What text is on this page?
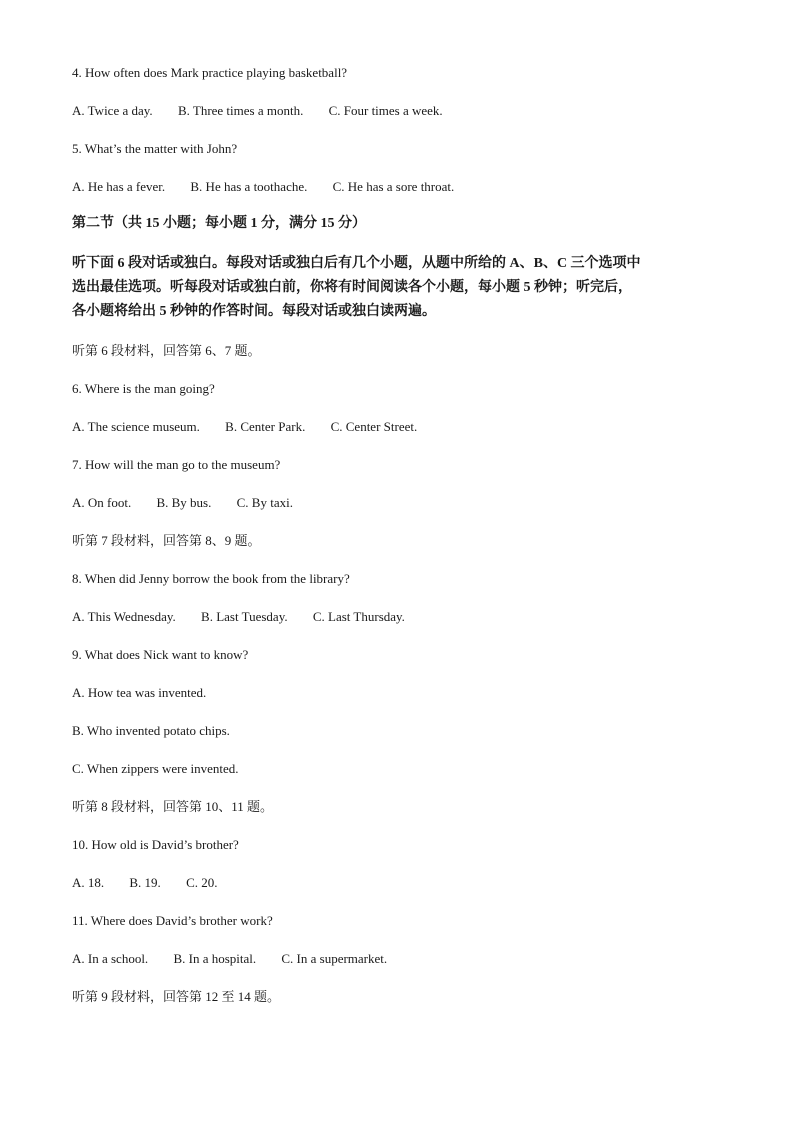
4. How often does Mark practice playing basketball?
A. Twice a day. B. Three times a month. C. Four times a week.
5. What’s the matter with John?
A. He has a fever. B. He has a toothache. C. He has a sore throat.
第二节（共 15 小题；每小题 1 分，满分 15 分）
听下面 6 段对话或独白。每段对话或独白后有几个小题，从题中所给的 A、B、C 三个选项中
选出最佳选项。听每段对话或独白前，你将有时间阅读各个小题，每小题 5 秒钟；听完后，
各小题将给出 5 秒钟的作答时间。每段对话或独白读两遍。
听第 6 段材料，回答第 6、7 题。
6. Where is the man going?
A. The science museum. B. Center Park. C. Center Street.
7. How will the man go to the museum?
A. On foot. B. By bus. C. By taxi.
听第 7 段材料，回答第 8、9 题。
8. When did Jenny borrow the book from the library?
A. This Wednesday. B. Last Tuesday. C. Last Thursday.
9. What does Nick want to know?
A. How tea was invented.
B. Who invented potato chips.
C. When zippers were invented.
听第 8 段材料，回答第 10、11 题。
10. How old is David’s brother?
A. 18. B. 19. C. 20.
11. Where does David’s brother work?
A. In a school. B. In a hospital. C. In a supermarket.
听第 9 段材料，回答第 12 至 14 题。
